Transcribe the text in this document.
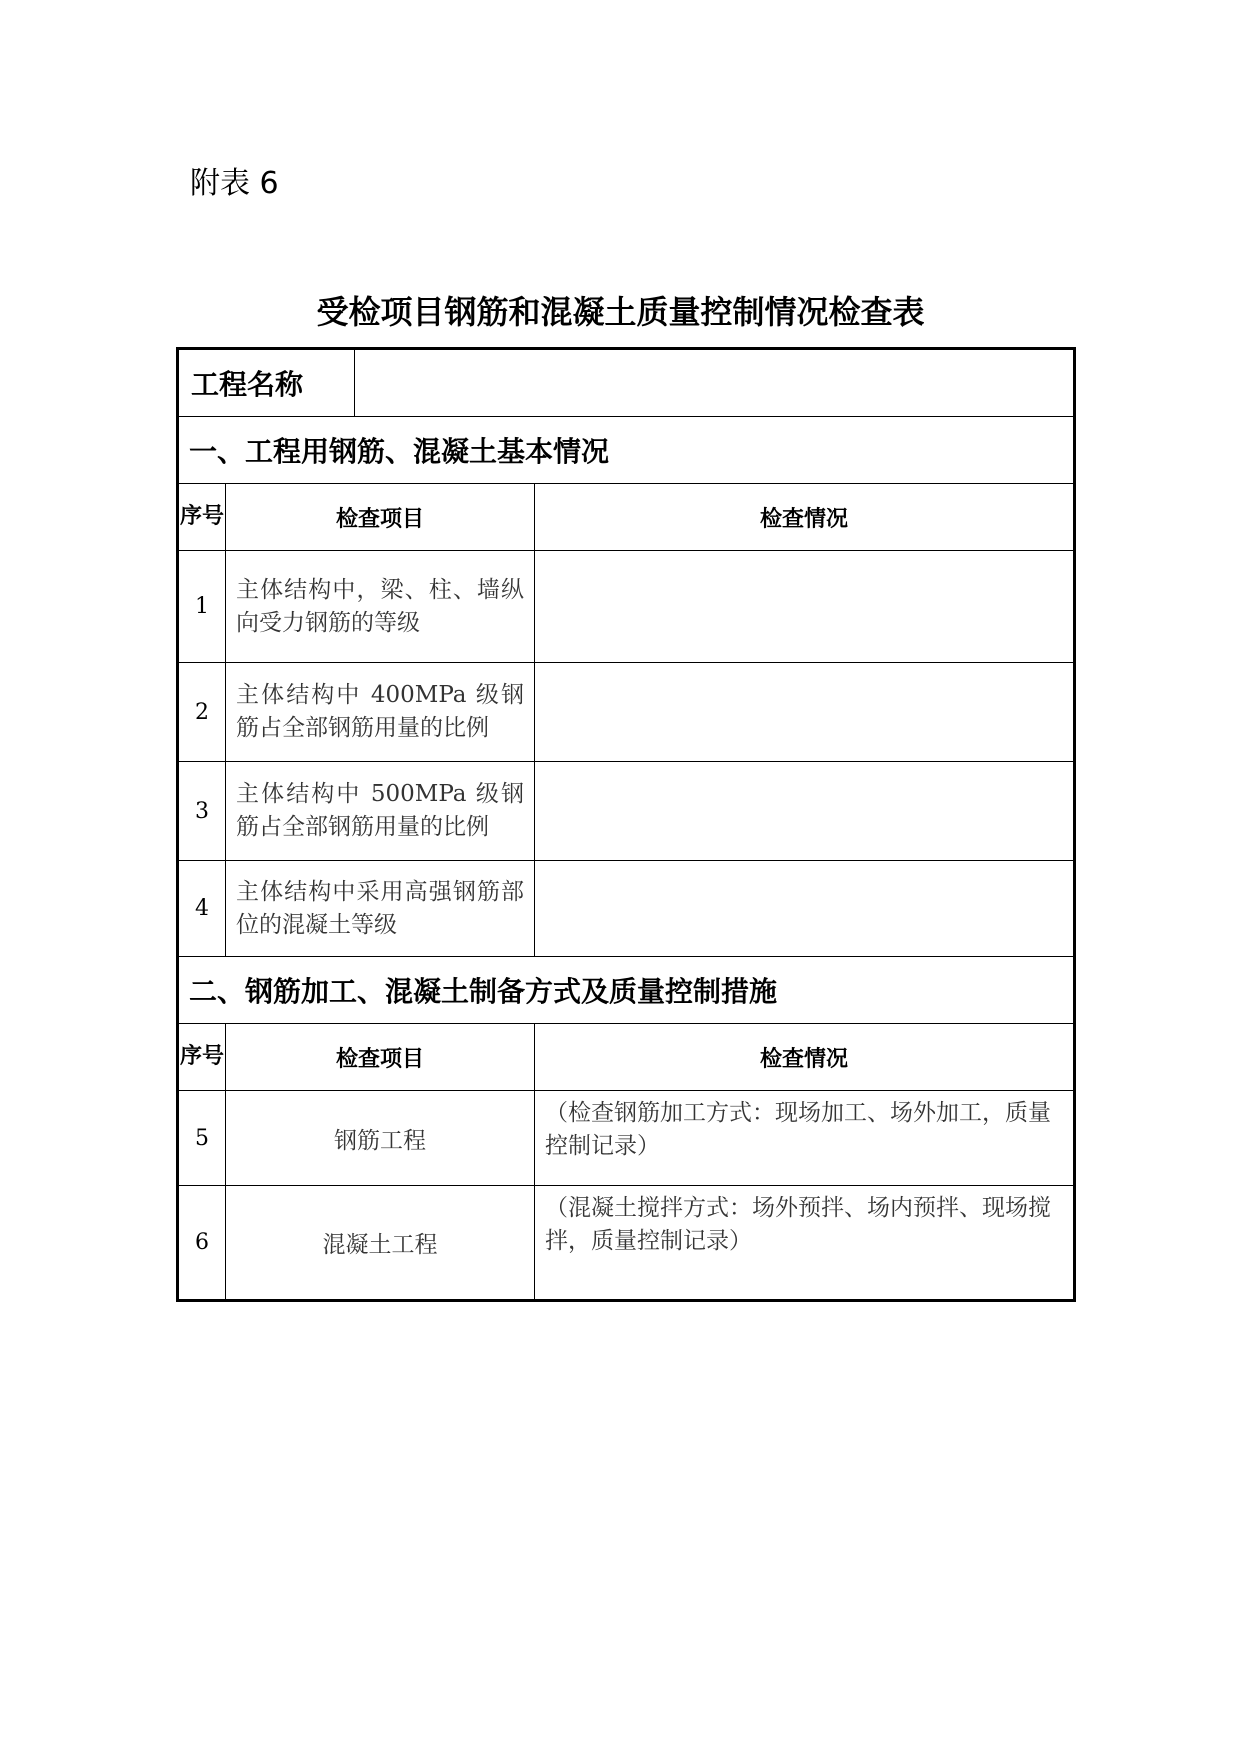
附表 6
受检项目钢筋和混凝土质量控制情况检查表
工程名称			
一、工程用钢筋、混凝土基本情况			
序号	检查项目		检查情况
1	主体结构中，梁、柱、墙纵向受力钢筋的等级		
2	主体结构中 400MPa 级钢筋占全部钢筋用量的比例		
3	主体结构中 500MPa 级钢筋占全部钢筋用量的比例		
4	主体结构中采用高强钢筋部位的混凝土等级		
二、钢筋加工、混凝土制备方式及质量控制措施			
序号	检查项目		检查情况
5	钢筋工程		（检查钢筋加工方式：现场加工、场外加工，质量控制记录）

6	混凝土工程		（混凝土搅拌方式：场外预拌、场内预拌、现场搅拌，质量控制记录）
